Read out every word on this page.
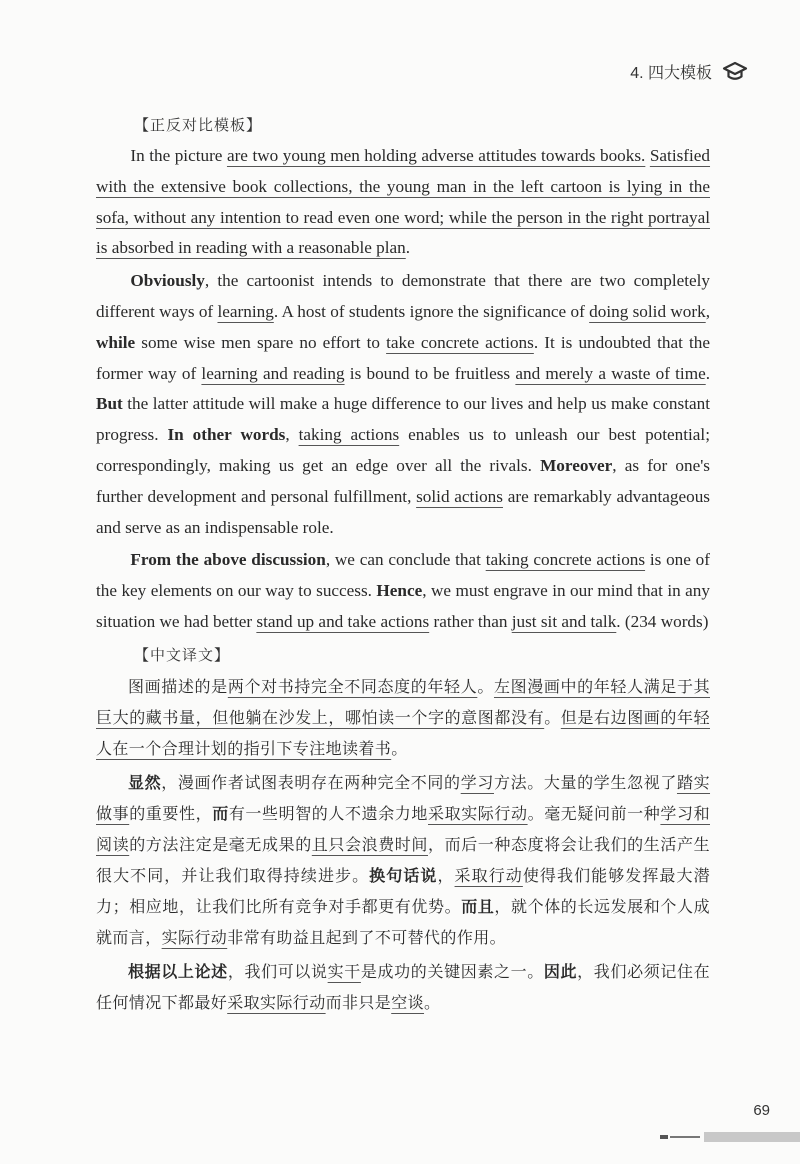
4. 四大模板
【正反对比模板】

In the picture are two young men holding adverse attitudes towards books. Satisfied with the extensive book collections, the young man in the left cartoon is lying in the sofa, without any intention to read even one word; while the person in the right portrayal is absorbed in reading with a reasonable plan.

Obviously, the cartoonist intends to demonstrate that there are two completely different ways of learning. A host of students ignore the significance of doing solid work, while some wise men spare no effort to take concrete actions. It is undoubted that the former way of learning and reading is bound to be fruitless and merely a waste of time. But the latter attitude will make a huge difference to our lives and help us make constant progress. In other words, taking actions enables us to unleash our best potential; correspondingly, making us get an edge over all the rivals. Moreover, as for one's further development and personal fulfillment, solid actions are remarkably advantageous and serve as an indispensable role.

From the above discussion, we can conclude that taking concrete actions is one of the key elements on our way to success. Hence, we must engrave in our mind that in any situation we had better stand up and take actions rather than just sit and talk. (234 words)

【中文译文】

图画描述的是两个对书持完全不同态度的年轻人。左图漫画中的年轻人满足于其巨大的藏书量，但他躺在沙发上，哪怕读一个字的意图都没有。但是右边图画的年轻人在一个合理计划的指引下专注地读着书。

显然，漫画作者试图表明存在两种完全不同的学习方法。大量的学生忽视了踏实做事的重要性，而有一些明智的人不遗余力地采取实际行动。毫无疑问前一种学习和阅读的方法注定是毫无成果的且只会浪费时间，而后一种态度将会让我们的生活产生很大不同，并让我们取得持续进步。换句话说，采取行动使得我们能够发挥最大潜力；相应地，让我们比所有竞争对手都更有优势。而且，就个体的长远发展和个人成就而言，实际行动非常有助益且起到了不可替代的作用。

根据以上论述，我们可以说实干是成功的关键因素之一。因此，我们必须记住在任何情况下都最好采取实际行动而非只是空谈。

69
